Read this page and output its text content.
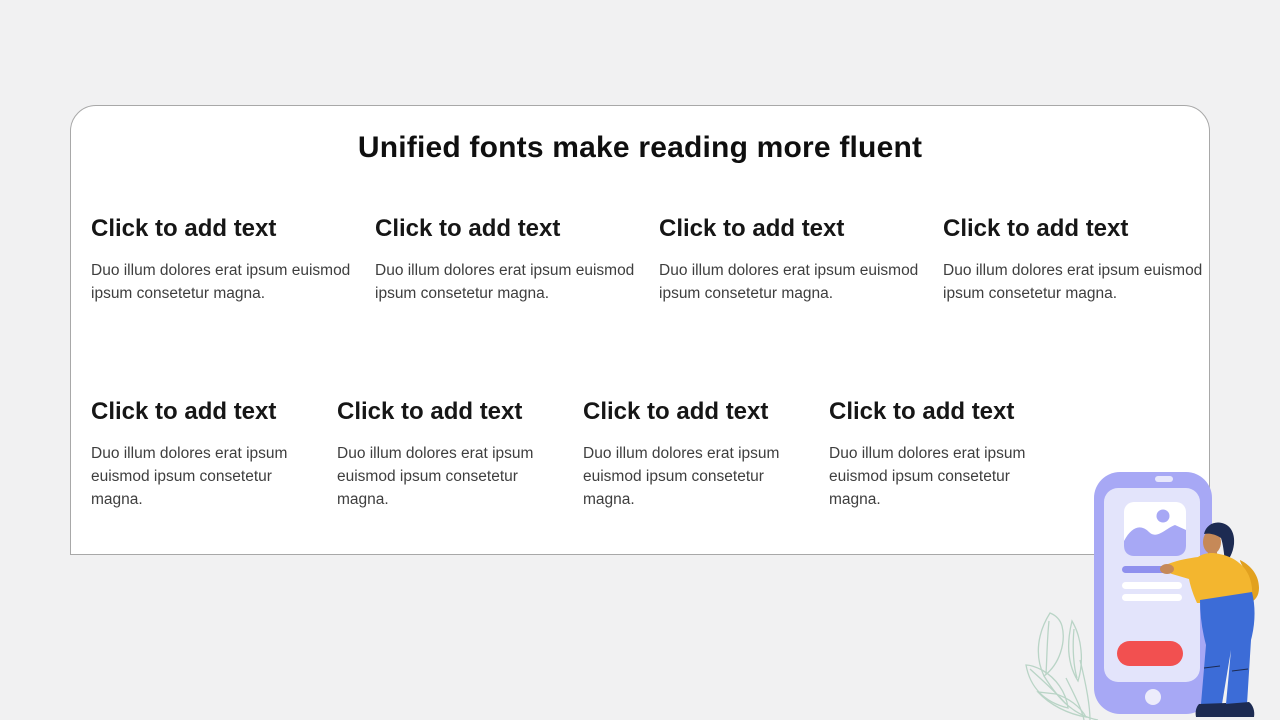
Unified fonts make reading more fluent
Click to add text

Duo illum dolores erat ipsum euismod ipsum consetetur magna.

Click to add text

Duo illum dolores erat ipsum euismod ipsum consetetur magna.

Click to add text

Duo illum dolores erat ipsum euismod ipsum consetetur magna.

Click to add text

Duo illum dolores erat ipsum euismod ipsum consetetur magna.

Click to add text

Duo illum dolores erat ipsum euismod ipsum consetetur magna.

Click to add text

Duo illum dolores erat ipsum euismod ipsum consetetur magna.

Click to add text

Duo illum dolores erat ipsum euismod ipsum consetetur magna.

Click to add text

Duo illum dolores erat ipsum euismod ipsum consetetur magna.
